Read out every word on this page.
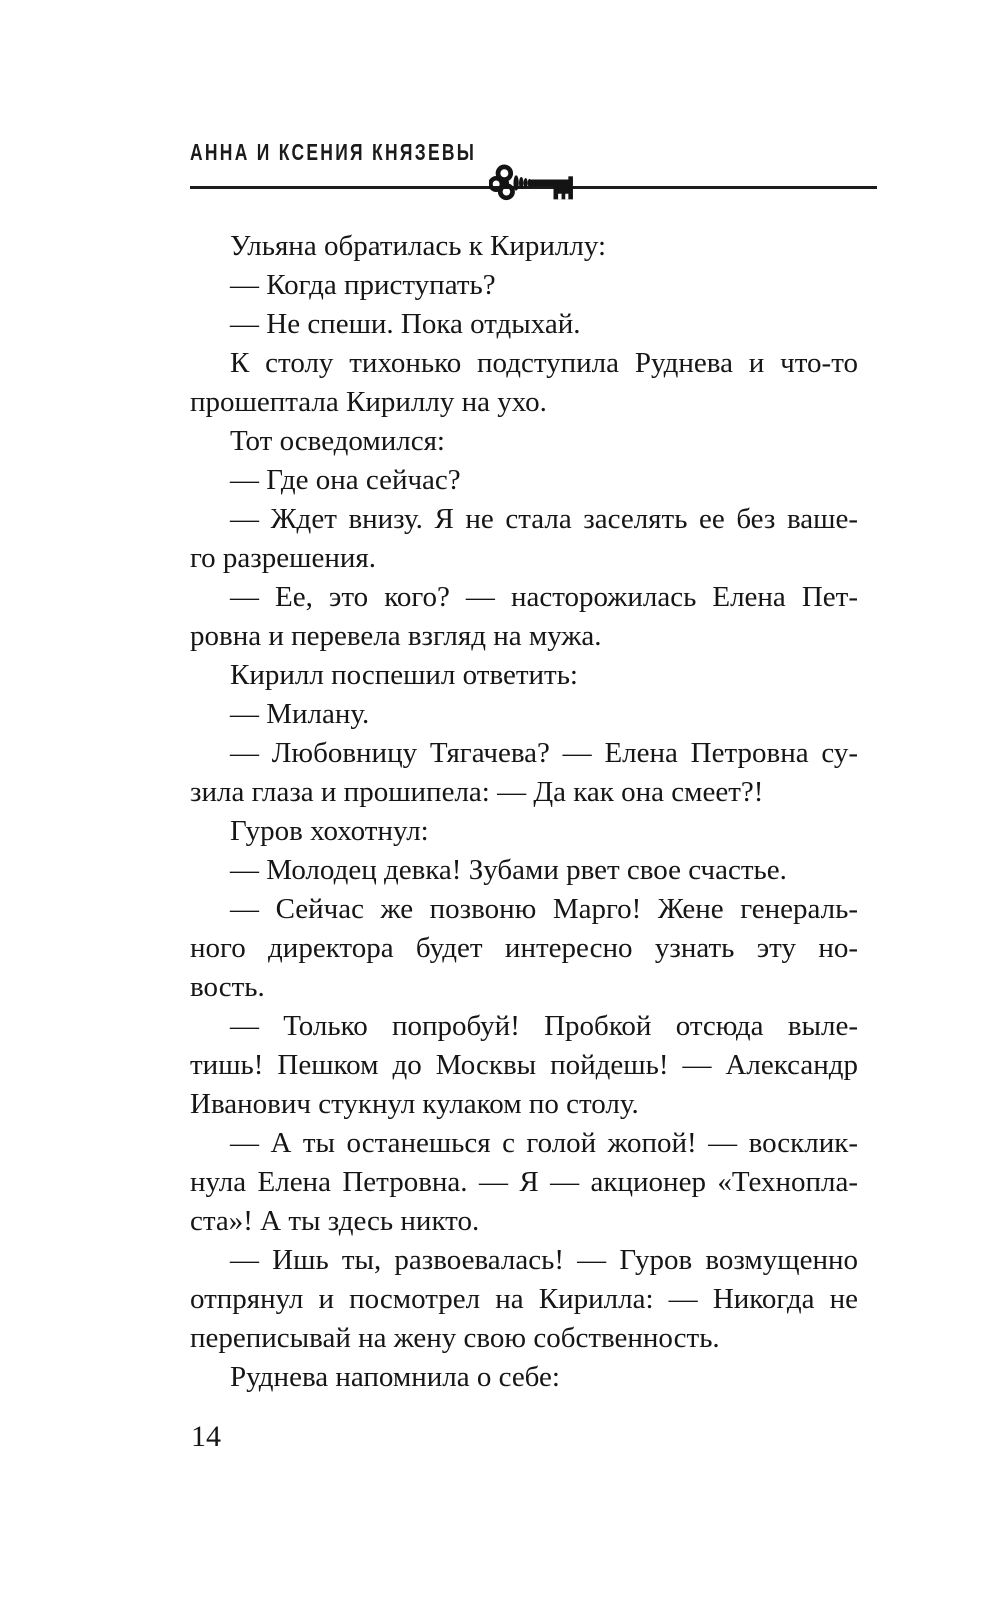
АННА И КСЕНИЯ КНЯЗЕВЫ
Ульяна обратилась к Кириллу:
— Когда приступать?
— Не спеши. Пока отдыхай.
К столу тихонько подступила Руднева и что-то
прошептала Кириллу на ухо.
Тот осведомился:
— Где она сейчас?
— Ждет внизу. Я не стала заселять ее без ваше-
го разрешения.
— Ее, это кого? — насторожилась Елена Пет-
ровна и перевела взгляд на мужа.
Кирилл поспешил ответить:
— Милану.
— Любовницу Тягачева? — Елена Петровна су-
зила глаза и прошипела: — Да как она смеет?!
Гуров хохотнул:
— Молодец девка! Зубами рвет свое счастье.
— Сейчас же позвоню Марго! Жене генераль-
ного директора будет интересно узнать эту но-
вость.
— Только попробуй! Пробкой отсюда выле-
тишь! Пешком до Москвы пойдешь! — Александр
Иванович стукнул кулаком по столу.
— А ты останешься с голой жопой! — восклик-
нула Елена Петровна. — Я — акционер «Технопла-
ста»! А ты здесь никто.
— Ишь ты, развоевалась! — Гуров возмущенно
отпрянул и посмотрел на Кирилла: — Никогда не
переписывай на жену свою собственность.
Руднева напомнила о себе:
14
